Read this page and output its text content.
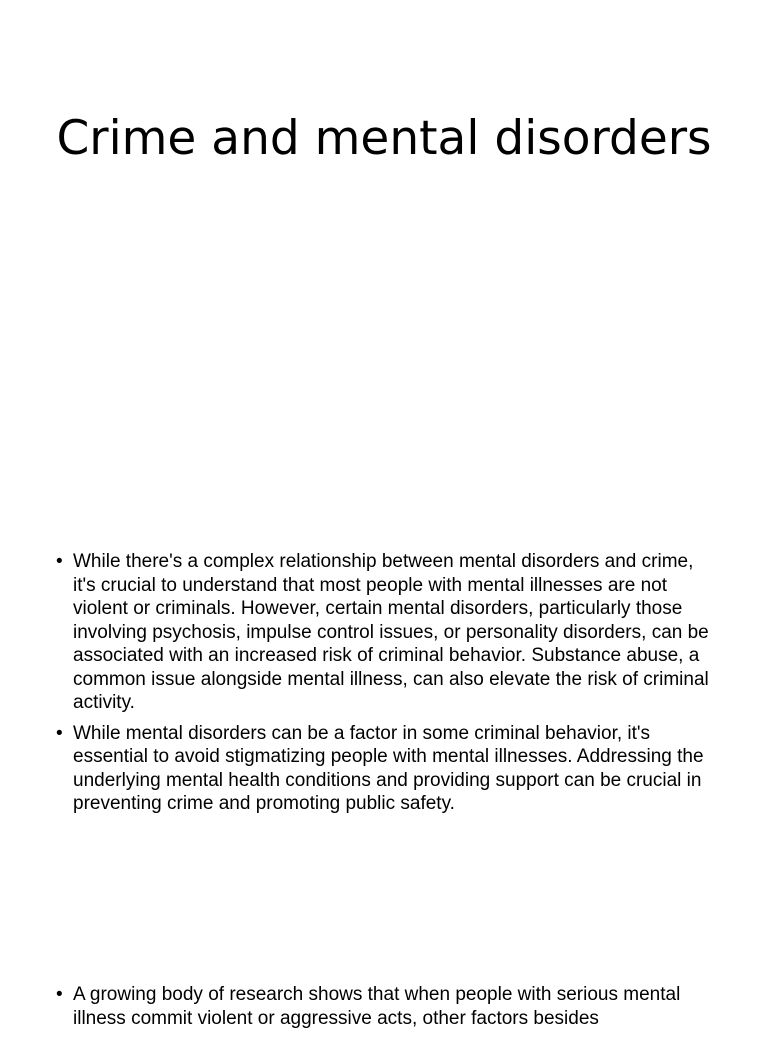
Crime and mental disorders
• While there's a complex relationship between mental disorders and crime, it's crucial to understand that most people with mental illnesses are not violent or criminals. However, certain mental disorders, particularly those involving psychosis, impulse control issues, or personality disorders, can be associated with an increased risk of criminal behavior. Substance abuse, a common issue alongside mental illness, can also elevate the risk of criminal activity.
• While mental disorders can be a factor in some criminal behavior, it's essential to avoid stigmatizing people with mental illnesses. Addressing the underlying mental health conditions and providing support can be crucial in preventing crime and promoting public safety.
• A growing body of research shows that when people with serious mental illness commit violent or aggressive acts, other factors besides
